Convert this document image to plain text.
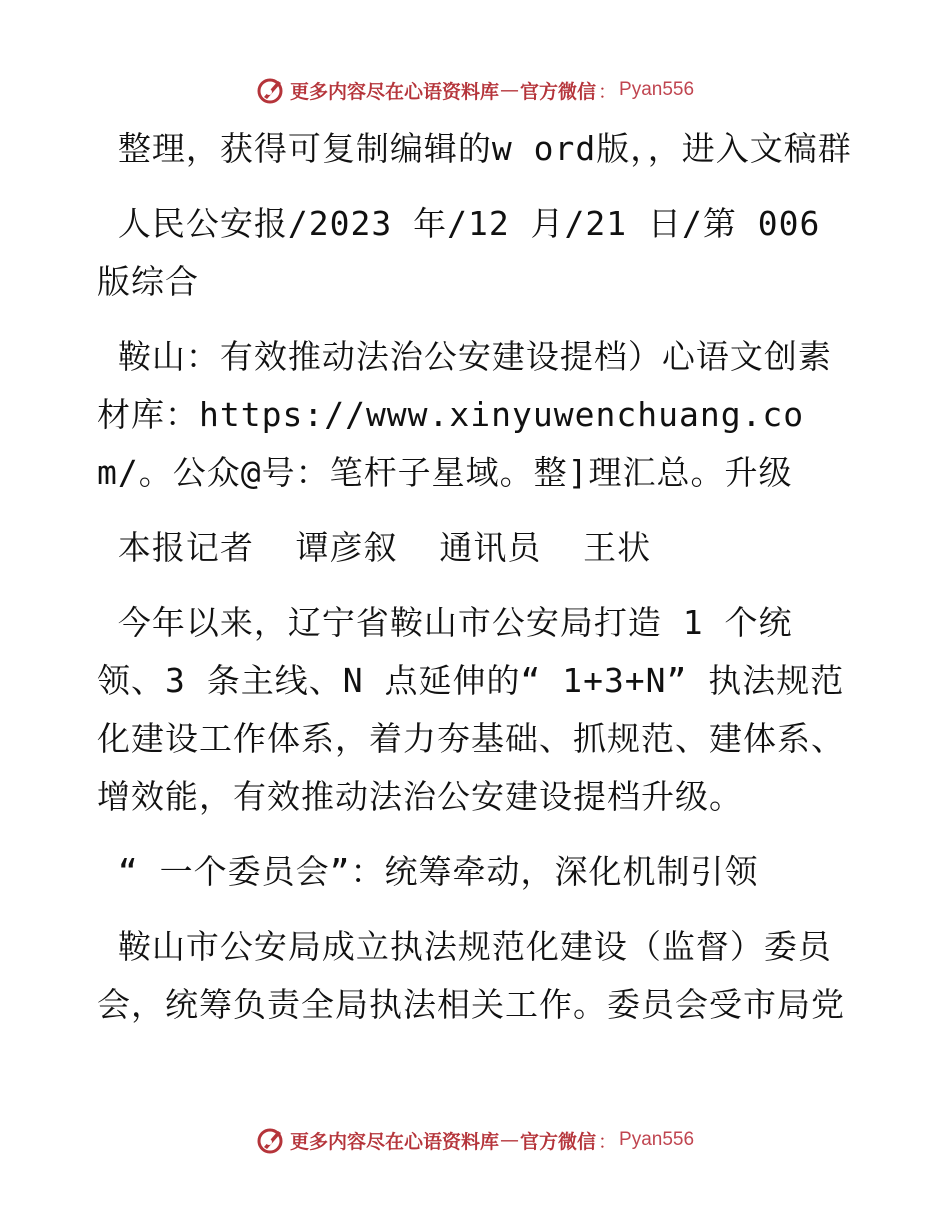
更多内容尽在心语资料库 — 官方微信 ： Pyan556

整理，获得可复制编辑的w ord版，，进入文稿群

人民公安报/2023 年/12 月/21 日/第 006 版综合

鞍山：有效推动法治公安建设提档）心语文创素材库：https://www.xinyuwenchuang.com/。公众@号：笔杆子星域。整]理汇总。升级

本报记者  谭彦叙  通讯员  王状

今年以来，辽宁省鞍山市公安局打造 1 个统领、3 条主线、N 点延伸的“ 1+3+N” 执法规范化建设工作体系，着力夯基础、抓规范、建体系、增效能，有效推动法治公安建设提档升级。

“ 一个委员会”：统筹牵动，深化机制引领

鞍山市公安局成立执法规范化建设（监督）委员会，统筹负责全局执法相关工作。委员会受市局党

更多内容尽在心语资料库 — 官方微信 ： Pyan556
